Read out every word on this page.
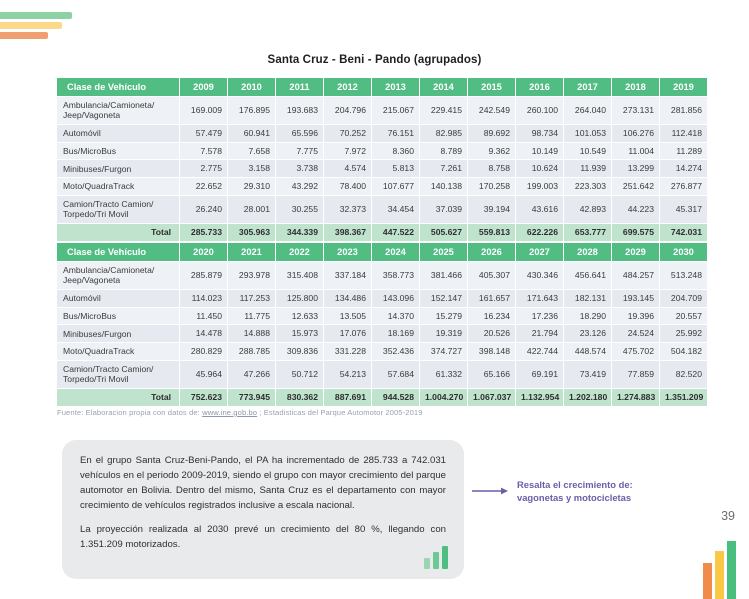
Santa Cruz - Beni - Pando (agrupados)
Clase de Vehículo	2009	2010	2011	2012	2013	2014	2015	2016	2017	2018	2019
Ambulancia/Camioneta/ Jeep/Vagoneta	169.009	176.895	193.683	204.796	215.067	229.415	242.549	260.100	264.040	273.131	281.856
Automóvil	57.479	60.941	65.596	70.252	76.151	82.985	89.692	98.734	101.053	106.276	112.418
Bus/MicroBus	7.578	7.658	7.775	7.972	8.360	8.789	9.362	10.149	10.549	11.004	11.289
Minibuses/Furgon	2.775	3.158	3.738	4.574	5.813	7.261	8.758	10.624	11.939	13.299	14.274
Moto/QuadraTrack	22.652	29.310	43.292	78.400	107.677	140.138	170.258	199.003	223.303	251.642	276.877
Camion/Tracto Camion/ Torpedo/Tri Movil	26.240	28.001	30.255	32.373	34.454	37.039	39.194	43.616	42.893	44.223	45.317
Total	285.733	305.963	344.339	398.367	447.522	505.627	559.813	622.226	653.777	699.575	742.031
Clase de Vehículo	2020	2021	2022	2023	2024	2025	2026	2027	2028	2029	2030
Ambulancia/Camioneta/ Jeep/Vagoneta	285.879	293.978	315.408	337.184	358.773	381.466	405.307	430.346	456.641	484.257	513.248
Automóvil	114.023	117.253	125.800	134.486	143.096	152.147	161.657	171.643	182.131	193.145	204.709
Bus/MicroBus	11.450	11.775	12.633	13.505	14.370	15.279	16.234	17.236	18.290	19.396	20.557
Minibuses/Furgon	14.478	14.888	15.973	17.076	18.169	19.319	20.526	21.794	23.126	24.524	25.992
Moto/QuadraTrack	280.829	288.785	309.836	331.228	352.436	374.727	398.148	422.744	448.574	475.702	504.182
Camion/Tracto Camion/ Torpedo/Tri Movil	45.964	47.266	50.712	54.213	57.684	61.332	65.166	69.191	73.419	77.859	82.520
Total	752.623	773.945	830.362	887.691	944.528	1.004.270	1.067.037	1.132.954	1.202.180	1.274.883	1.351.209
Fuente: Elaboracion propia con datos de: www.ine.gob.bo ; Estadisticas del Parque Automotor 2005-2019

En el grupo Santa Cruz-Beni-Pando, el PA ha incrementado de 285.733 a 742.031 vehículos en el periodo 2009-2019, siendo el grupo con mayor crecimiento del parque automotor en Bolivia. Dentro del mismo, Santa Cruz es el departamento con mayor crecimiento de vehículos registrados inclusive a escala nacional.

La proyección realizada al 2030 prevé un crecimiento del 80 %, llegando con 1.351.209 motorizados.

Resalta el crecimiento de:
vagonetas y motocicletas
39
